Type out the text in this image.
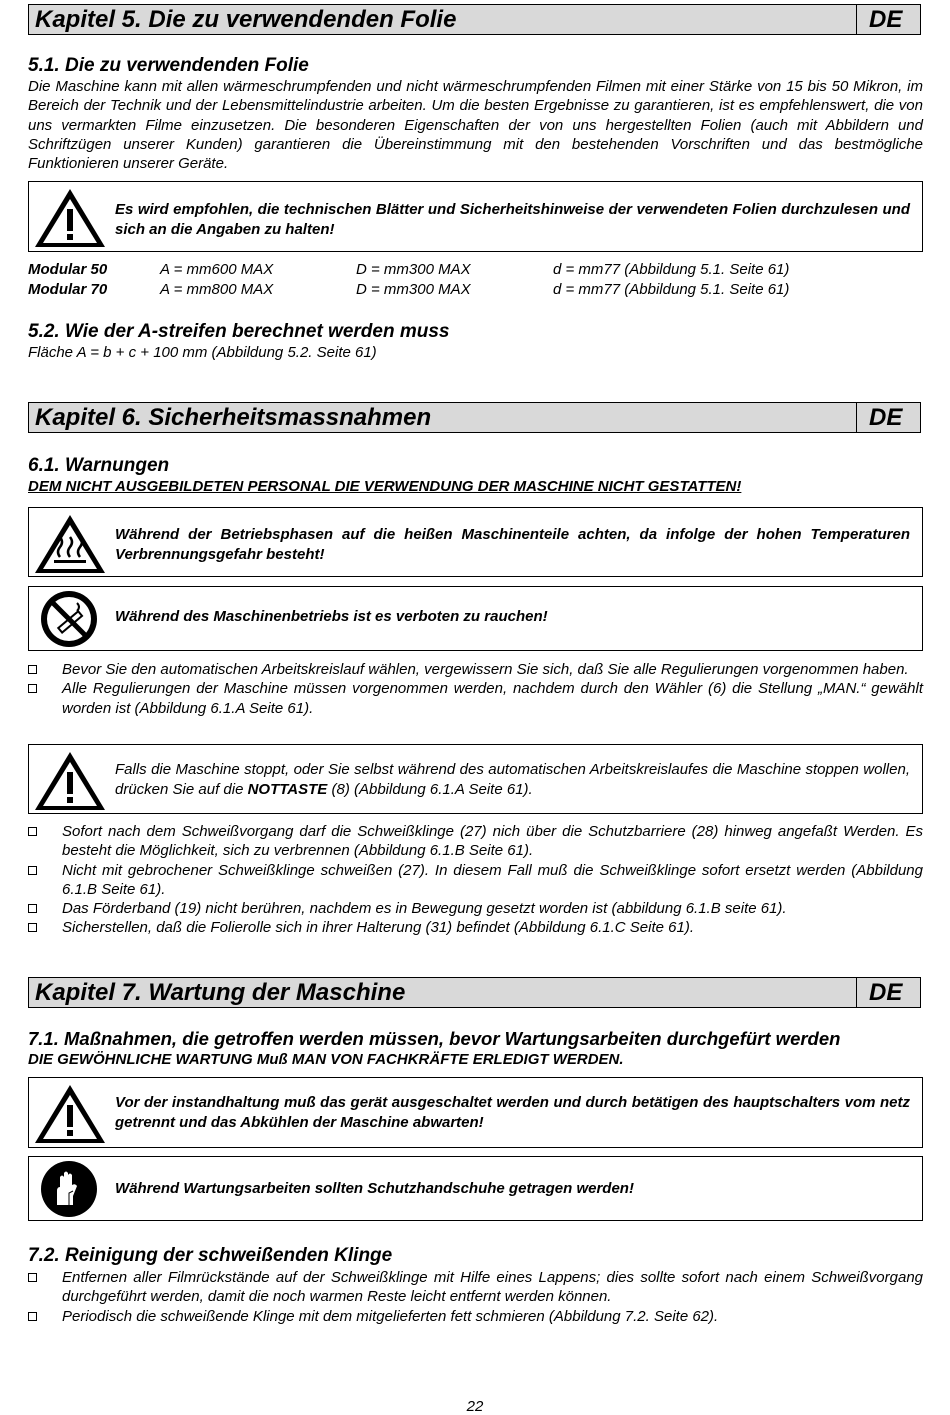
Kapitel 5. Die zu verwendenden Folie	DE
5.1. Die zu verwendenden Folie

Die Maschine kann mit allen wärmeschrumpfenden und nicht wärmeschrumpfenden Filmen mit einer Stärke von 15 bis 50 Mikron, im Bereich der Technik und der Lebensmittelindustrie arbeiten. Um die besten Ergebnisse zu garantieren, ist es empfehlenswert, die von uns vermarkten Filme einzusetzen. Die besonderen Eigenschaften der von uns hergestellten Folien (auch mit Abbildern und Schriftzügen unserer Kunden) garantieren die Übereinstimmung mit den bestehenden Vorschriften und das bestmögliche Funktionieren unserer Geräte.

Es wird empfohlen, die technischen Blätter und Sicherheitshinweise der verwendeten Folien durchzulesen und sich an die Angaben zu halten!
Modular 50	A = mm600 MAX	D = mm300 MAX	d = mm77 (Abbildung 5.1. Seite 61)
Modular 70	A = mm800 MAX	D = mm300 MAX	d = mm77 (Abbildung 5.1. Seite 61)
5.2. Wie der A-streifen berechnet werden muss
Fläche A = b + c + 100 mm (Abbildung 5.2. Seite 61)
Kapitel 6. Sicherheitsmassnahmen	DE
6.1. Warnungen
DEM NICHT AUSGEBILDETEN PERSONAL DIE VERWENDUNG DER MASCHINE NICHT GESTATTEN!
Während der Betriebsphasen auf die heißen Maschinenteile achten, da infolge der hohen Temperaturen Verbrennungsgefahr besteht!
Während des Maschinenbetriebs ist es verboten zu rauchen!
Bevor Sie den automatischen Arbeitskreislauf wählen, vergewissern Sie sich, daß Sie alle Regulierungen vorgenommen haben.
Alle Regulierungen der Maschine müssen vorgenommen werden, nachdem durch den Wähler (6) die Stellung „MAN.“ gewählt worden ist (Abbildung 6.1.A Seite 61).
Falls die Maschine stoppt, oder Sie selbst während des automatischen Arbeitskreislaufes die Maschine stoppen wollen, drücken Sie auf die NOTTASTE (8) (Abbildung 6.1.A Seite 61).
Sofort nach dem Schweißvorgang darf die Schweißklinge (27) nich über die Schutzbarriere (28) hinweg angefaßt Werden. Es besteht die Möglichkeit, sich zu verbrennen (Abbildung 6.1.B Seite 61).
Nicht mit gebrochener Schweißklinge schweißen (27). In diesem Fall muß die Schweißklinge sofort ersetzt werden (Abbildung 6.1.B Seite 61).
Das Förderband (19) nicht berühren, nachdem es in Bewegung gesetzt worden ist (abbildung 6.1.B seite 61).
Sicherstellen, daß die Folierolle sich in ihrer Halterung (31) befindet (Abbildung 6.1.C Seite 61).
Kapitel 7. Wartung der Maschine	DE
7.1. Maßnahmen, die getroffen werden müssen, bevor Wartungsarbeiten durchgefürt werden
DIE GEWÖHNLICHE WARTUNG Muß MAN VON FACHKRÄFTE ERLEDIGT WERDEN.
Vor der instandhaltung muß das gerät ausgeschaltet werden und durch betätigen des hauptschalters vom netz getrennt und das Abkühlen der Maschine abwarten!
Während Wartungsarbeiten sollten Schutzhandschuhe getragen werden!
7.2. Reinigung der schweißenden Klinge
Entfernen aller Filmrückstände auf der Schweißklinge mit Hilfe eines Lappens; dies sollte sofort nach einem Schweißvorgang durchgeführt werden, damit die noch warmen Reste leicht entfernt werden können.
Periodisch die schweißende Klinge mit dem mitgelieferten fett schmieren (Abbildung 7.2. Seite 62).
22
